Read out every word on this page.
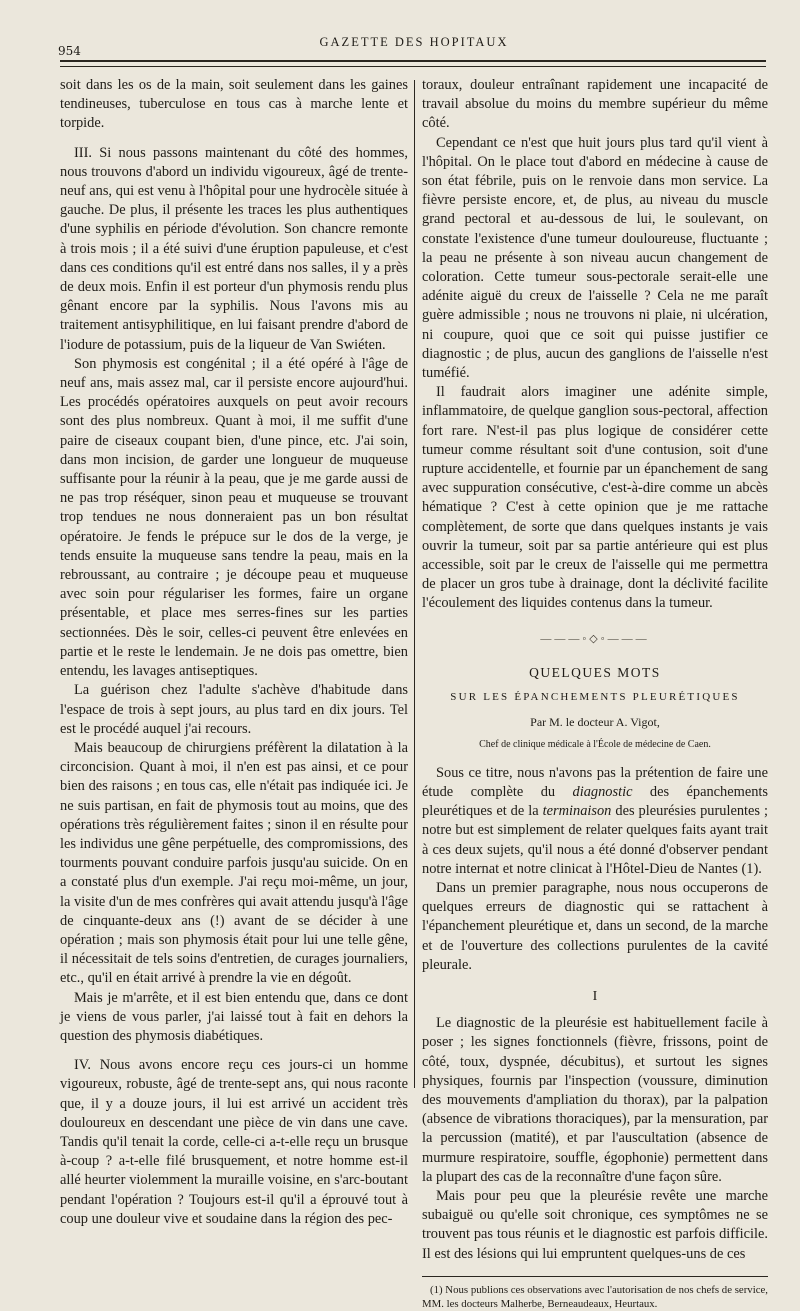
954
GAZETTE DES HOPITAUX

soit dans les os de la main, soit seulement dans les gaines tendineuses, tuberculose en tous cas à marche lente et torpide.

III. Si nous passons maintenant du côté des hommes, nous trouvons d'abord un individu vigoureux, âgé de trente-neuf ans, qui est venu à l'hôpital pour une hydrocèle située à gauche. De plus, il présente les traces les plus authentiques d'une syphilis en période d'évolution. Son chancre remonte à trois mois ; il a été suivi d'une éruption papuleuse, et c'est dans ces conditions qu'il est entré dans nos salles, il y a près de deux mois. Enfin il est porteur d'un phymosis rendu plus gênant encore par la syphilis. Nous l'avons mis au traitement antisyphilitique, en lui faisant prendre d'abord de l'iodure de potassium, puis de la liqueur de Van Swiéten.

Son phymosis est congénital ; il a été opéré à l'âge de neuf ans, mais assez mal, car il persiste encore aujourd'hui. Les procédés opératoires auxquels on peut avoir recours sont des plus nombreux. Quant à moi, il me suffit d'une paire de ciseaux coupant bien, d'une pince, etc. J'ai soin, dans mon incision, de garder une longueur de muqueuse suffisante pour la réunir à la peau, que je me garde aussi de ne pas trop réséquer, sinon peau et muqueuse se trouvant trop tendues ne nous donneraient pas un bon résultat opératoire. Je fends le prépuce sur le dos de la verge, je tends ensuite la muqueuse sans tendre la peau, mais en la rebroussant, au contraire ; je découpe peau et muqueuse avec soin pour régulariser les formes, faire un organe présentable, et place mes serres-fines sur les parties sectionnées. Dès le soir, celles-ci peuvent être enlevées en partie et le reste le lendemain. Je ne dois pas omettre, bien entendu, les lavages antiseptiques.

La guérison chez l'adulte s'achève d'habitude dans l'espace de trois à sept jours, au plus tard en dix jours. Tel est le procédé auquel j'ai recours.

Mais beaucoup de chirurgiens préfèrent la dilatation à la circoncision. Quant à moi, il n'en est pas ainsi, et ce pour bien des raisons ; en tous cas, elle n'était pas indiquée ici. Je ne suis partisan, en fait de phymosis tout au moins, que des opérations très régulièrement faites ; sinon il en résulte pour les individus une gêne perpétuelle, des compromissions, des tourments pouvant conduire parfois jusqu'au suicide. On en a constaté plus d'un exemple. J'ai reçu moi-même, un jour, la visite d'un de mes confrères qui avait attendu jusqu'à l'âge de cinquante-deux ans (!) avant de se décider à une opération ; mais son phymosis était pour lui une telle gêne, il nécessitait de tels soins d'entretien, de curages journaliers, etc., qu'il en était arrivé à prendre la vie en dégoût.

Mais je m'arrête, et il est bien entendu que, dans ce dont je viens de vous parler, j'ai laissé tout à fait en dehors la question des phymosis diabétiques.

IV. Nous avons encore reçu ces jours-ci un homme vigoureux, robuste, âgé de trente-sept ans, qui nous raconte que, il y a douze jours, il lui est arrivé un accident très douloureux en descendant une pièce de vin dans une cave. Tandis qu'il tenait la corde, celle-ci a-t-elle reçu un brusque à-coup ? a-t-elle filé brusquement, et notre homme est-il allé heurter violemment la muraille voisine, en s'arc-boutant pendant l'opération ? Toujours est-il qu'il a éprouvé tout à coup une douleur vive et soudaine dans la région des pec-

toraux, douleur entraînant rapidement une incapacité de travail absolue du moins du membre supérieur du même côté.

Cependant ce n'est que huit jours plus tard qu'il vient à l'hôpital. On le place tout d'abord en médecine à cause de son état fébrile, puis on le renvoie dans mon service. La fièvre persiste encore, et, de plus, au niveau du muscle grand pectoral et au-dessous de lui, le soulevant, on constate l'existence d'une tumeur douloureuse, fluctuante ; la peau ne présente à son niveau aucun changement de coloration. Cette tumeur sous-pectorale serait-elle une adénite aiguë du creux de l'aisselle ? Cela ne me paraît guère admissible ; nous ne trouvons ni plaie, ni ulcération, ni coupure, quoi que ce soit qui puisse justifier ce diagnostic ; de plus, aucun des ganglions de l'aisselle n'est tuméfié.

Il faudrait alors imaginer une adénite simple, inflammatoire, de quelque ganglion sous-pectoral, affection fort rare. N'est-il pas plus logique de considérer cette tumeur comme résultant soit d'une contusion, soit d'une rupture accidentelle, et fournie par un épanchement de sang avec suppuration consécutive, c'est-à-dire comme un abcès hématique ? C'est à cette opinion que je me rattache complètement, de sorte que dans quelques instants je vais ouvrir la tumeur, soit par sa partie antérieure qui est plus accessible, soit par le creux de l'aisselle qui me permettra de placer un gros tube à drainage, dont la déclivité facilite l'écoulement des liquides contenus dans la tumeur.

———◦◇◦———
QUELQUES MOTS
SUR LES ÉPANCHEMENTS PLEURÉTIQUES
Par M. le docteur A. Vigot,
Chef de clinique médicale à l'École de médecine de Caen.

Sous ce titre, nous n'avons pas la prétention de faire une étude complète du diagnostic des épanchements pleurétiques et de la terminaison des pleurésies purulentes ; notre but est simplement de relater quelques faits ayant trait à ces deux sujets, qu'il nous a été donné d'observer pendant notre internat et notre clinicat à l'Hôtel-Dieu de Nantes (1).

Dans un premier paragraphe, nous nous occuperons de quelques erreurs de diagnostic qui se rattachent à l'épanchement pleurétique et, dans un second, de la marche et de l'ouverture des collections purulentes de la cavité pleurale.

I

Le diagnostic de la pleurésie est habituellement facile à poser ; les signes fonctionnels (fièvre, frissons, point de côté, toux, dyspnée, décubitus), et surtout les signes physiques, fournis par l'inspection (voussure, diminution des mouvements d'ampliation du thorax), par la palpation (absence de vibrations thoraciques), par la mensuration, par la percussion (matité), et par l'auscultation (absence de murmure respiratoire, souffle, égophonie) permettent dans la plupart des cas de la reconnaître d'une façon sûre.

Mais pour peu que la pleurésie revête une marche subaiguë ou qu'elle soit chronique, ces symptômes ne se trouvent pas tous réunis et le diagnostic est parfois difficile. Il est des lésions qui lui empruntent quelques-uns de ces

(1) Nous publions ces observations avec l'autorisation de nos chefs de service, MM. les docteurs Malherbe, Berneaudeaux, Heurtaux.
